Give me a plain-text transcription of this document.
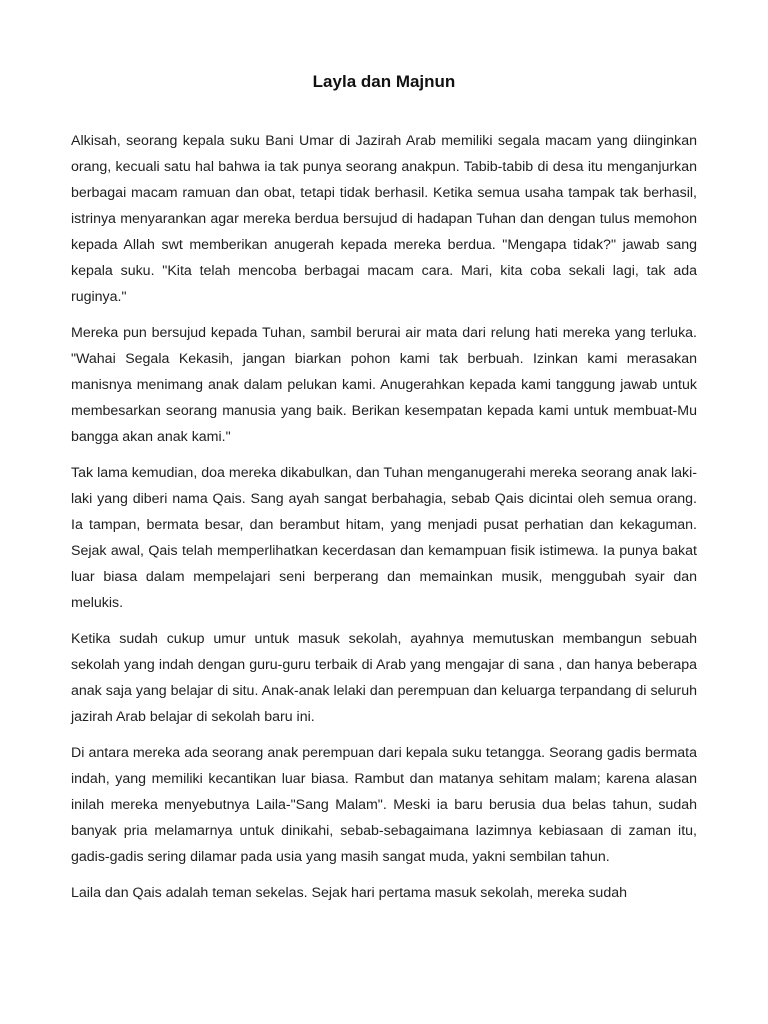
Layla dan Majnun

Alkisah, seorang kepala suku Bani Umar di Jazirah Arab memiliki segala macam yang diinginkan orang, kecuali satu hal bahwa ia tak punya seorang anakpun. Tabib-tabib di desa itu menganjurkan berbagai macam ramuan dan obat, tetapi tidak berhasil. Ketika semua usaha tampak tak berhasil, istrinya menyarankan agar mereka berdua bersujud di hadapan Tuhan dan dengan tulus memohon kepada Allah swt memberikan anugerah kepada mereka berdua. "Mengapa tidak?" jawab sang kepala suku. "Kita telah mencoba berbagai macam cara. Mari, kita coba sekali lagi, tak ada ruginya."

Mereka pun bersujud kepada Tuhan, sambil berurai air mata dari relung hati mereka yang terluka. "Wahai Segala Kekasih, jangan biarkan pohon kami tak berbuah. Izinkan kami merasakan manisnya menimang anak dalam pelukan kami. Anugerahkan kepada kami tanggung jawab untuk membesarkan seorang manusia yang baik. Berikan kesempatan kepada kami untuk membuat-Mu bangga akan anak kami."

Tak lama kemudian, doa mereka dikabulkan, dan Tuhan menganugerahi mereka seorang anak laki-laki yang diberi nama Qais. Sang ayah sangat berbahagia, sebab Qais dicintai oleh semua orang. Ia tampan, bermata besar, dan berambut hitam, yang menjadi pusat perhatian dan kekaguman. Sejak awal, Qais telah memperlihatkan kecerdasan dan kemampuan fisik istimewa. Ia punya bakat luar biasa dalam mempelajari seni berperang dan memainkan musik, menggubah syair dan melukis.

Ketika sudah cukup umur untuk masuk sekolah, ayahnya memutuskan membangun sebuah sekolah yang indah dengan guru-guru terbaik di Arab yang mengajar di sana , dan hanya beberapa anak saja yang belajar di situ. Anak-anak lelaki dan perempuan dan keluarga terpandang di seluruh jazirah Arab belajar di sekolah baru ini.

Di antara mereka ada seorang anak perempuan dari kepala suku tetangga. Seorang gadis bermata indah, yang memiliki kecantikan luar biasa. Rambut dan matanya sehitam malam; karena alasan inilah mereka menyebutnya Laila-"Sang Malam". Meski ia baru berusia dua belas tahun, sudah banyak pria melamarnya untuk dinikahi, sebab-sebagaimana lazimnya kebiasaan di zaman itu, gadis-gadis sering dilamar pada usia yang masih sangat muda, yakni sembilan tahun.

Laila dan Qais adalah teman sekelas. Sejak hari pertama masuk sekolah, mereka sudah
